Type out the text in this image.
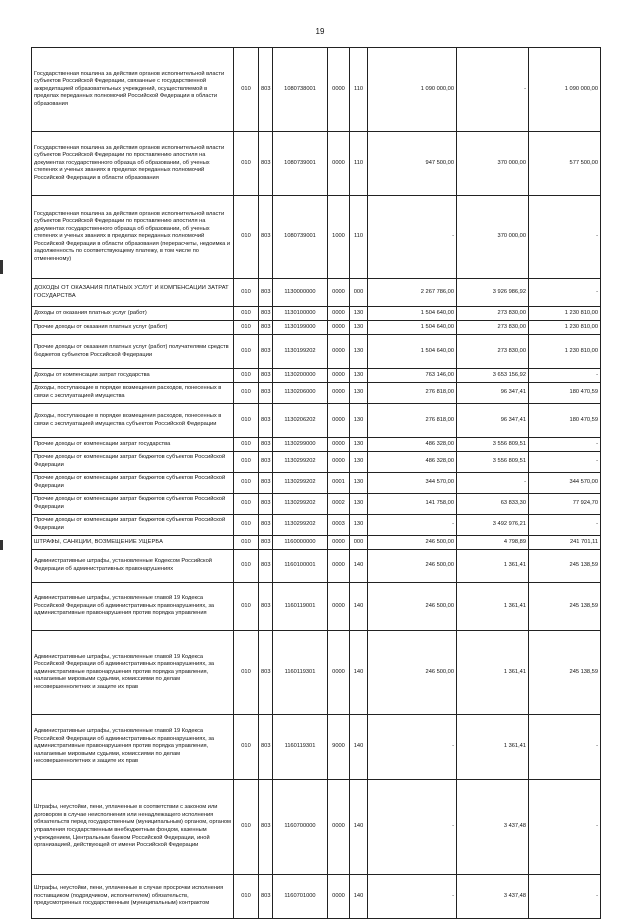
19
Государственная пошлина за действия органов исполнительной власти субъектов Российской Федерации, связанные с государственной аккредитацией образовательных учреждений, осуществляемой в пределах переданных полномочий Российской Федерации в области образования	010	803	1080738001	0000	110	1 090 000,00	-	1 090 000,00
Государственная пошлина за действия органов исполнительной власти субъектов Российской Федерации по проставлению апостиля на документах государственного образца об образовании, об ученых степенях и ученых званиях в пределах переданных полномочий Российской Федерации в области образования	010	803	1080739001	0000	110	947 500,00	370 000,00	577 500,00
Государственная пошлина за действия органов исполнительной власти субъектов Российской Федерации по проставлению апостиля на документах государственного образца об образовании, об ученых степенях и ученых званиях в пределах переданных полномочий Российской Федерации в области образования (перерасчеты, недоимка и задолженность по соответствующему платежу, в том числе по отмененному)	010	803	1080739001	1000	110	-	370 000,00	-
ДОХОДЫ ОТ ОКАЗАНИЯ ПЛАТНЫХ УСЛУГ И КОМПЕНСАЦИИ ЗАТРАТ ГОСУДАРСТВА	010	803	1130000000	0000	000	2 267 786,00	3 926 986,92	-
Доходы от оказания платных услуг (работ)	010	803	1130100000	0000	130	1 504 640,00	273 830,00	1 230 810,00
Прочие доходы от оказания платных услуг (работ)	010	803	1130199000	0000	130	1 504 640,00	273 830,00	1 230 810,00
Прочие доходы от оказания платных услуг (работ) получателями средств бюджетов субъектов Российской Федерации	010	803	1130199202	0000	130	1 504 640,00	273 830,00	1 230 810,00
Доходы от компенсации затрат государства	010	803	1130200000	0000	130	763 146,00	3 653 156,92	-
Доходы, поступающие в порядке возмещения расходов, понесенных в связи с эксплуатацией имущества	010	803	1130206000	0000	130	276 818,00	96 347,41	180 470,59
Доходы, поступающие в порядке возмещения расходов, понесенных в связи с эксплуатацией имущества субъектов Российской Федерации	010	803	1130206202	0000	130	276 818,00	96 347,41	180 470,59
Прочие доходы от компенсации затрат государства	010	803	1130299000	0000	130	486 328,00	3 556 809,51	-
Прочие доходы от компенсации затрат бюджетов субъектов Российской Федерации	010	803	1130299202	0000	130	486 328,00	3 556 809,51	-
Прочие доходы от компенсации затрат бюджетов субъектов Российской Федерации	010	803	1130299202	0001	130	344 570,00	-	344 570,00
Прочие доходы от компенсации затрат бюджетов субъектов Российской Федерации	010	803	1130299202	0002	130	141 758,00	63 833,30	77 924,70
Прочие доходы от компенсации затрат бюджетов субъектов Российской Федерации	010	803	1130299202	0003	130	-	3 492 976,21	-
ШТРАФЫ, САНКЦИИ, ВОЗМЕЩЕНИЕ УЩЕРБА	010	803	1160000000	0000	000	246 500,00	4 798,89	241 701,11
Административные штрафы, установленные Кодексом Российской Федерации об административных правонарушениях	010	803	1160100001	0000	140	246 500,00	1 361,41	245 138,59
Административные штрафы, установленные главой 19 Кодекса Российской Федерации об административных правонарушениях, за административные правонарушения против порядка управления	010	803	1160119001	0000	140	246 500,00	1 361,41	245 138,59
Административные штрафы, установленные главой 19 Кодекса Российской Федерации об административных правонарушениях, за административные правонарушения против порядка управления, налагаемые мировыми судьями, комиссиями по делам несовершеннолетних и защите их прав	010	803	1160119301	0000	140	246 500,00	1 361,41	245 138,59
Административные штрафы, установленные главой 19 Кодекса Российской Федерации об административных правонарушениях, за административные правонарушения против порядка управления, налагаемые мировыми судьями, комиссиями по делам несовершеннолетних и защите их прав	010	803	1160119301	9000	140	-	1 361,41	-
Штрафы, неустойки, пени, уплаченные в соответствии с законом или договором в случае неисполнения или ненадлежащего исполнения обязательств перед государственным (муниципальным) органом, органом управления государственным внебюджетным фондом, казенным учреждением, Центральным банком Российской Федерации, иной организацией, действующей от имени Российской Федерации	010	803	1160700000	0000	140	-	3 437,48	-
Штрафы, неустойки, пени, уплаченные в случае просрочки исполнения поставщиком (подрядчиком, исполнителем) обязательств, предусмотренных государственным (муниципальным) контрактом	010	803	1160701000	0000	140	-	3 437,48	-
